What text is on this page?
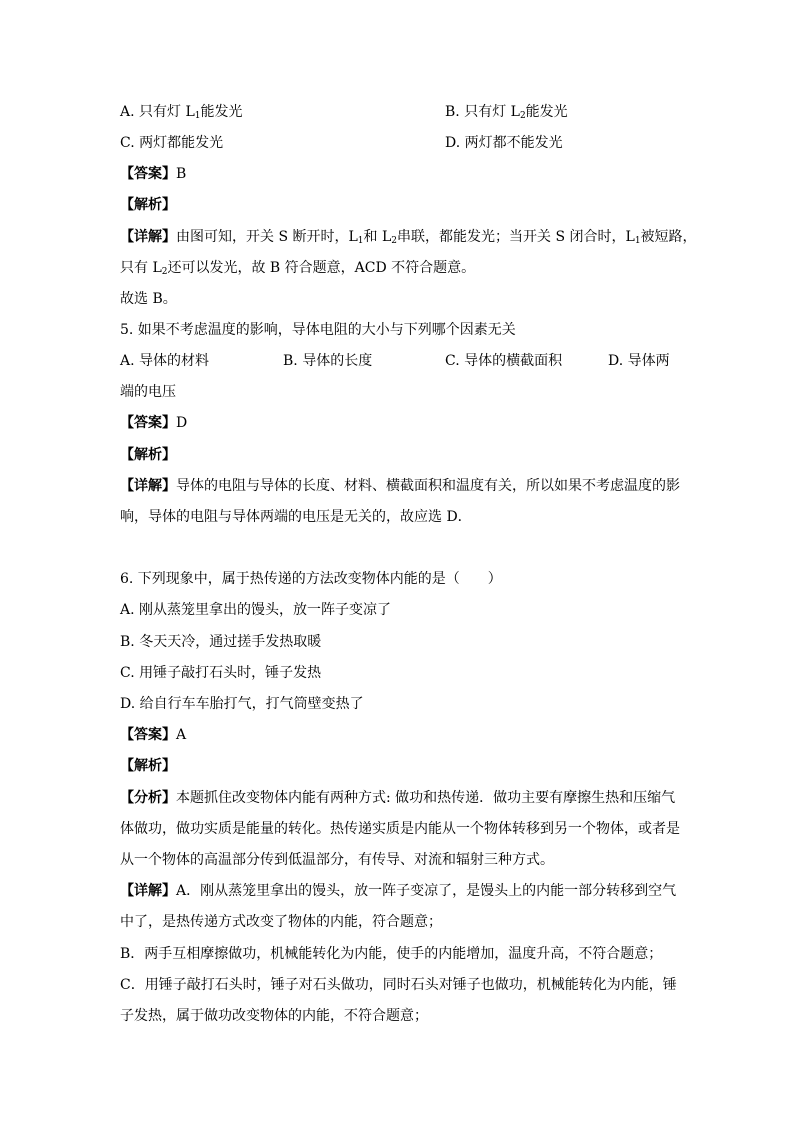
A. 只有灯 $L_1$能发光	B. 只有灯 $L_2$能发光
C. 两灯都能发光	D. 两灯都不能发光
【答案】B
【解析】
【详解】由图可知，开关 S 断开时，$L_1$和 $L_2$串联，都能发光；当开关 S 闭合时，$L_1$被短路，
只有 $L_2$还可以发光，故 B 符合题意，ACD 不符合题意。
故选 B。
5. 如果不考虑温度的影响，导体电阻的大小与下列哪个因素无关
A. 导体的材料	B. 导体的长度	C. 导体的横截面积	D. 导体两
端的电压
【答案】D
【解析】
【详解】导体的电阻与导体的长度、材料、横截面积和温度有关，所以如果不考虑温度的影
响，导体的电阻与导体两端的电压是无关的，故应选 D．
6. 下列现象中，属于热传递的方法改变物体内能的是（　　）
A. 刚从蒸笼里拿出的馒头，放一阵子变凉了
B. 冬天天冷，通过搓手发热取暖
C. 用锤子敲打石头时，锤子发热
D. 给自行车车胎打气，打气筒壁变热了
【答案】A
【解析】
【分析】本题抓住改变物体内能有两种方式: 做功和热传递．做功主要有摩擦生热和压缩气
体做功，做功实质是能量的转化。热传递实质是内能从一个物体转移到另一个物体，或者是
从一个物体的高温部分传到低温部分，有传导、对流和辐射三种方式。
【详解】A．刚从蒸笼里拿出的馒头，放一阵子变凉了，是馒头上的内能一部分转移到空气
中了，是热传递方式改变了物体的内能，符合题意；
B．两手互相摩擦做功，机械能转化为内能，使手的内能增加，温度升高，不符合题意；
C．用锤子敲打石头时，锤子对石头做功，同时石头对锤子也做功，机械能转化为内能，锤
子发热，属于做功改变物体的内能，不符合题意；
